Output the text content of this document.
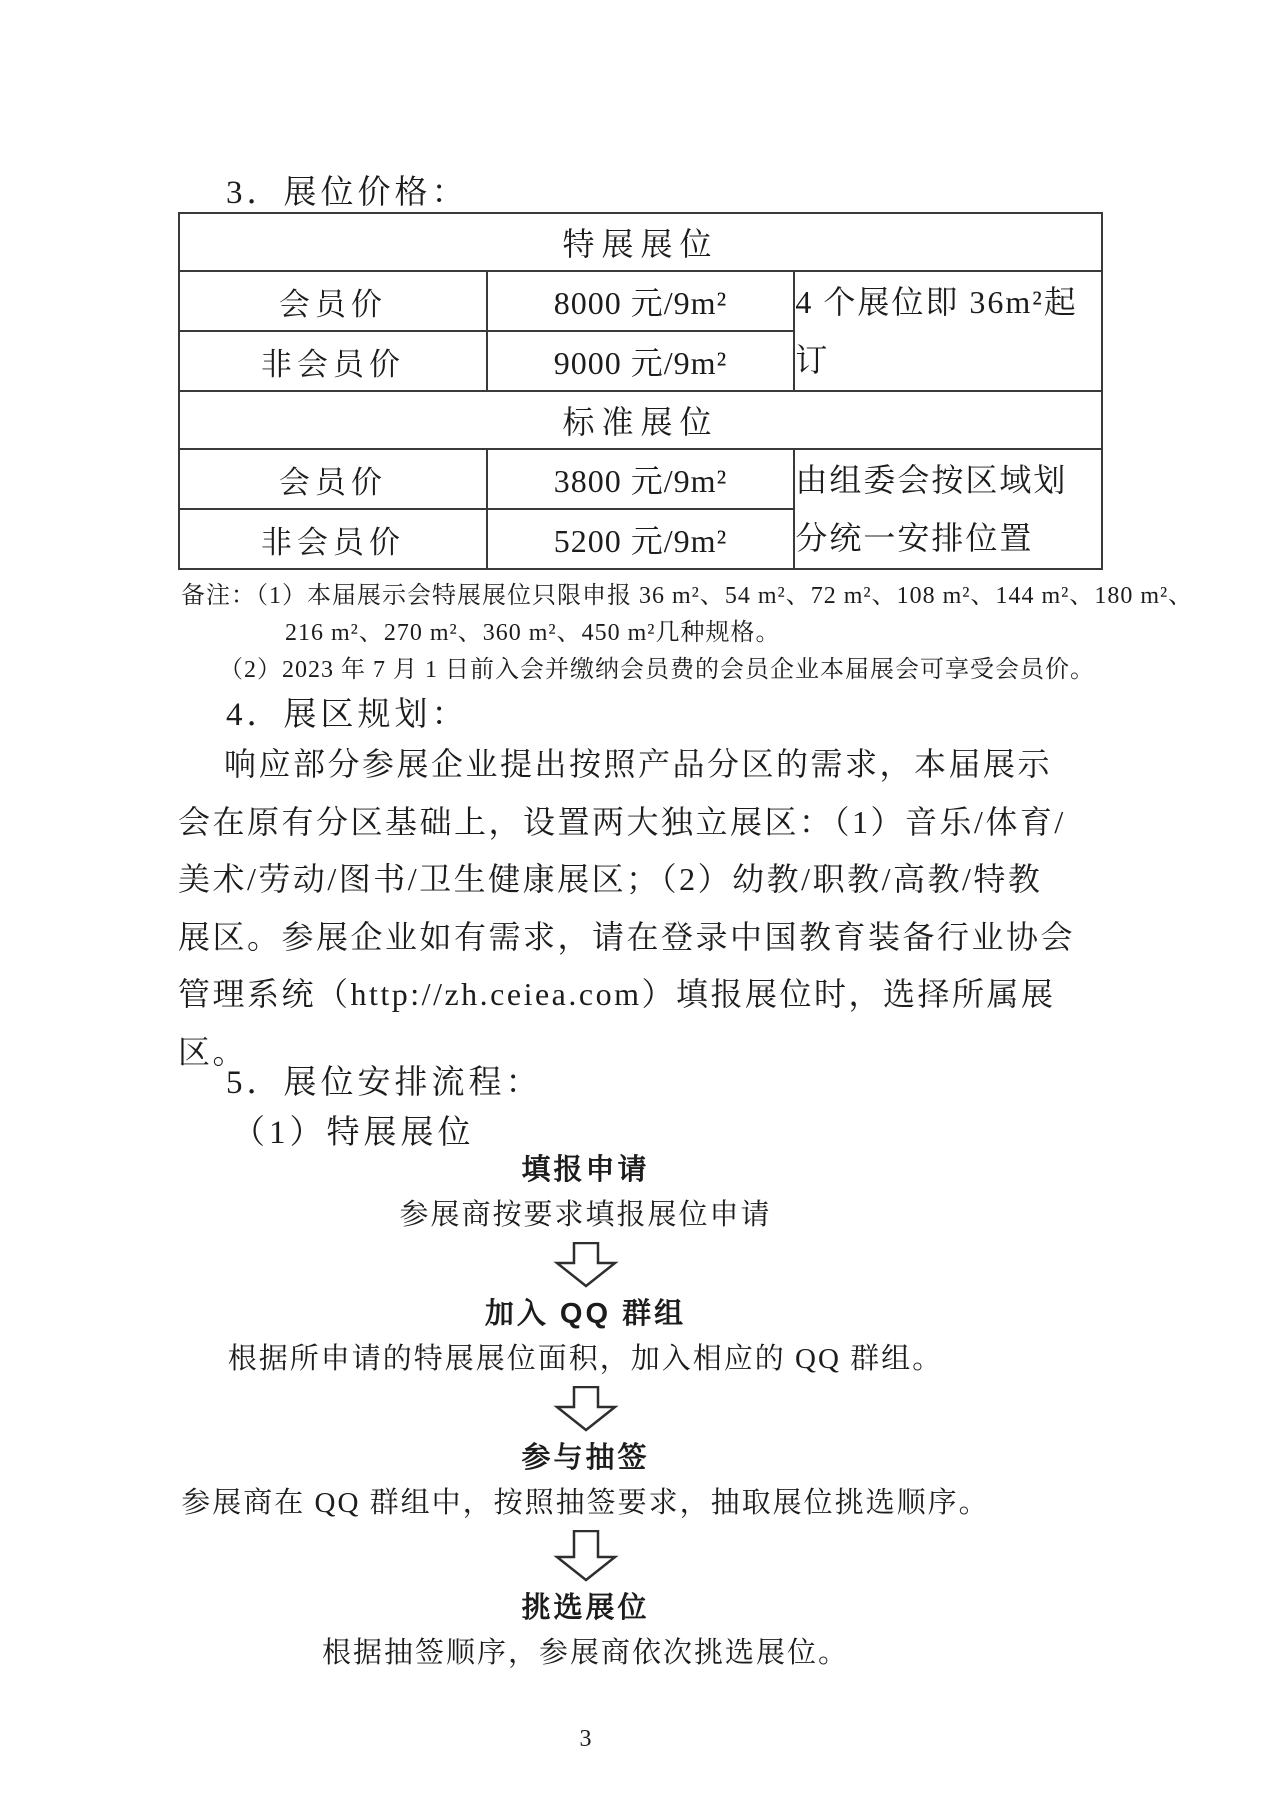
3．展位价格：
特展展位		
会员价	8000 元/9m²	4 个展位即 36m²起订
非会员价	9000 元/9m²	
标准展位		
会员价	3800 元/9m²	由组委会按区域划分统一安排位置
非会员价	5200 元/9m²	
备注：（1）本届展示会特展展位只限申报 36 m²、54 m²、72 m²、108 m²、144 m²、180 m²、
216 m²、270 m²、360 m²、450 m²几种规格。
（2）2023 年 7 月 1 日前入会并缴纳会员费的会员企业本届展会可享受会员价。
4．展区规划：
响应部分参展企业提出按照产品分区的需求，本届展示
会在原有分区基础上，设置两大独立展区：（1）音乐/体育/
美术/劳动/图书/卫生健康展区；（2）幼教/职教/高教/特教
展区。参展企业如有需求，请在登录中国教育装备行业协会
管理系统（http://zh.ceiea.com）填报展位时，选择所属展
区。
5．展位安排流程：
（1）特展展位
填报申请
参展商按要求填报展位申请
加入 QQ 群组
根据所申请的特展展位面积，加入相应的 QQ 群组。
参与抽签
参展商在 QQ 群组中，按照抽签要求，抽取展位挑选顺序。
挑选展位
根据抽签顺序，参展商依次挑选展位。
3
